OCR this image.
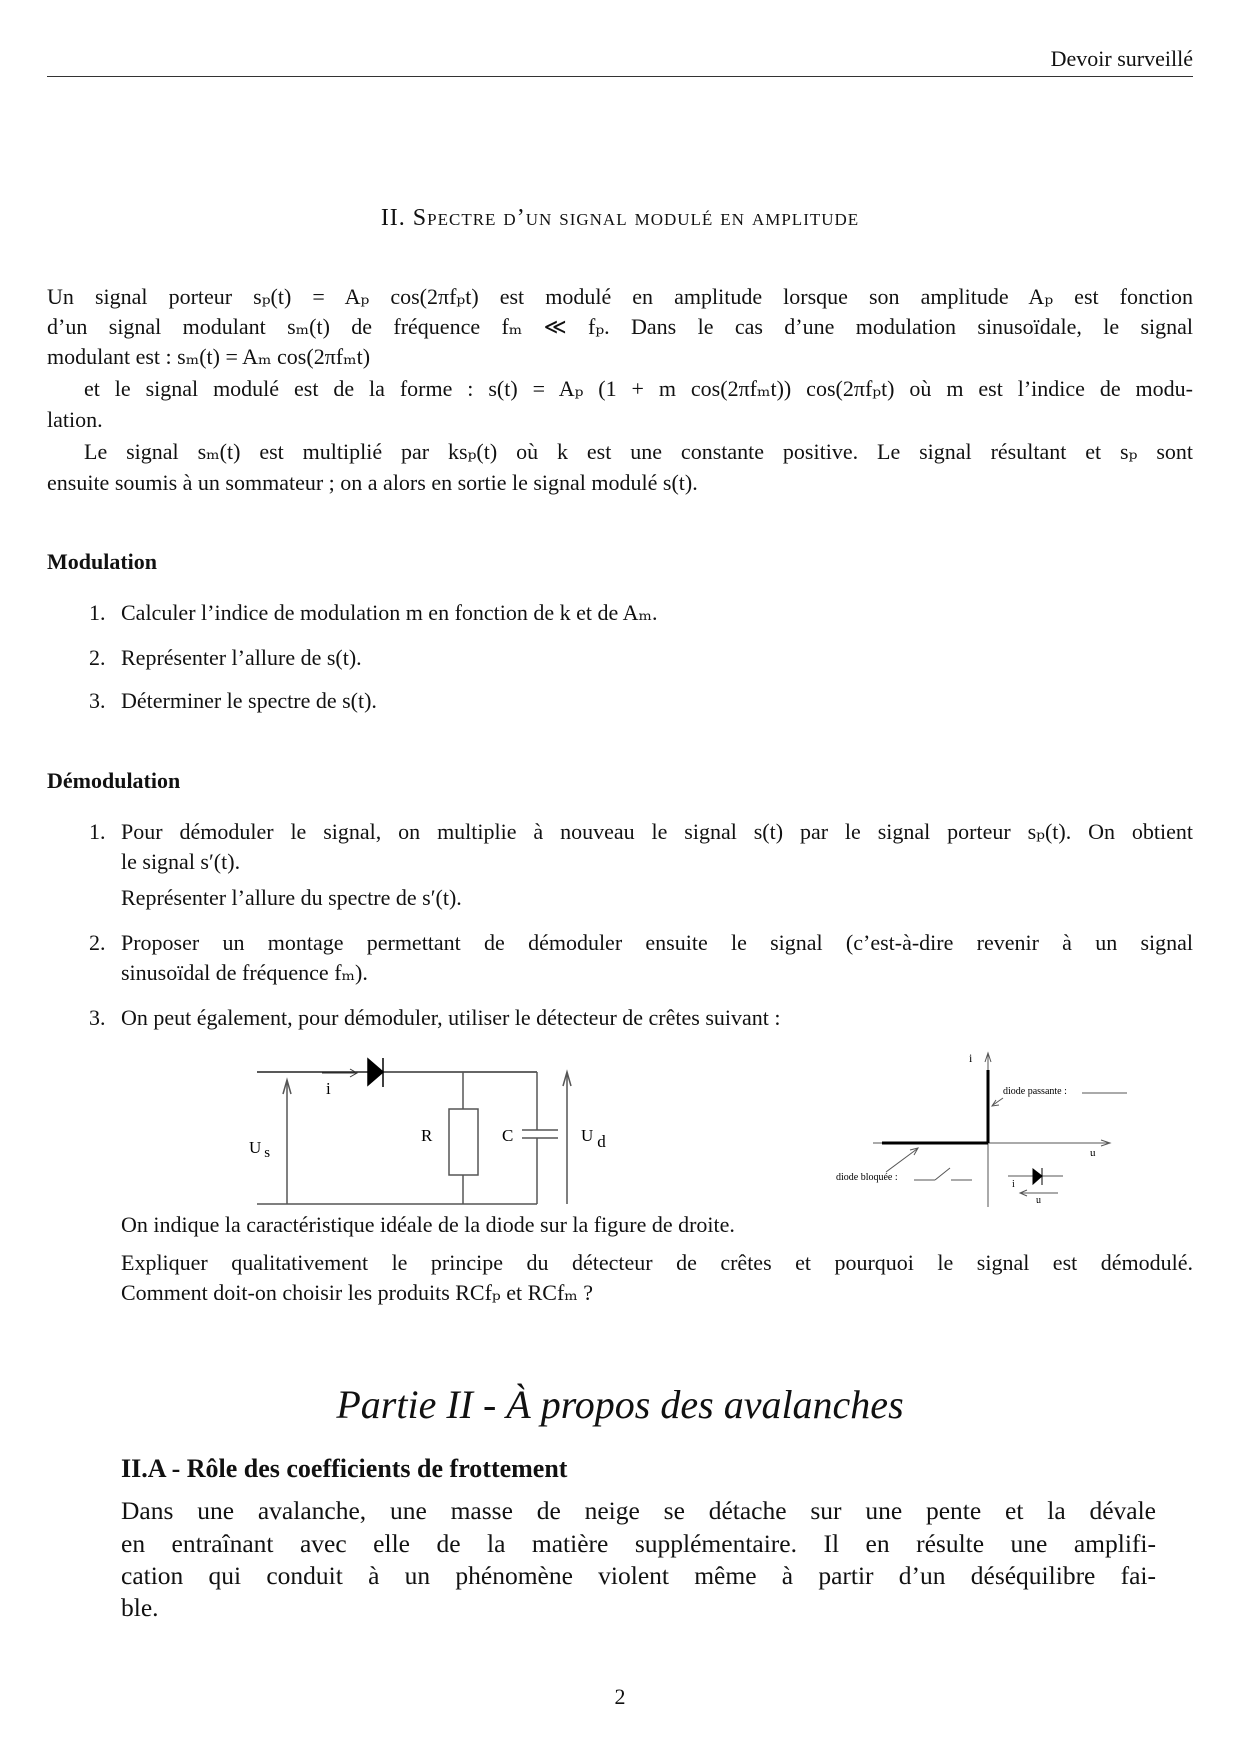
Devoir surveillé
II. Spectre d’un signal modulé en amplitude
Un signal porteur sₚ(t) = Aₚ cos(2πfₚt) est modulé en amplitude lorsque son amplitude Aₚ est fonction
d’un signal modulant sₘ(t) de fréquence fₘ ≪ fₚ. Dans le cas d’une modulation sinusoïdale, le signal
modulant est : sₘ(t) = Aₘ cos(2πfₘt)
et le signal modulé est de la forme : s(t) = Aₚ (1 + m cos(2πfₘt)) cos(2πfₚt) où m est l’indice de modu-
lation.
Le signal sₘ(t) est multiplié par ksₚ(t) où k est une constante positive. Le signal résultant et sₚ sont
ensuite soumis à un sommateur ; on a alors en sortie le signal modulé s(t).
Modulation
1. Calculer l’indice de modulation m en fonction de k et de Aₘ.
2. Représenter l’allure de s(t).
3. Déterminer le spectre de s(t).
Démodulation
1. Pour démoduler le signal, on multiplie à nouveau le signal s(t) par le signal porteur sₚ(t). On obtient
le signal s′(t).
Représenter l’allure du spectre de s′(t).
2. Proposer un montage permettant de démoduler ensuite le signal (c’est-à-dire revenir à un signal
sinusoïdal de fréquence fₘ).
3. On peut également, pour démoduler, utiliser le détecteur de crêtes suivant :
i
U s
R	C	U d
i
u
diode passante :
diode bloquée :
i
u
On indique la caractéristique idéale de la diode sur la figure de droite.
Expliquer qualitativement le principe du détecteur de crêtes et pourquoi le signal est démodulé.
Comment doit-on choisir les produits RCfₚ et RCfₘ ?
Partie II - À propos des avalanches
II.A - Rôle des coefficients de frottement
Dans une avalanche, une masse de neige se détache sur une pente et la dévale
en entraînant avec elle de la matière supplémentaire. Il en résulte une amplifi-
cation qui conduit à un phénomène violent même à partir d’un déséquilibre fai-
ble.
2
